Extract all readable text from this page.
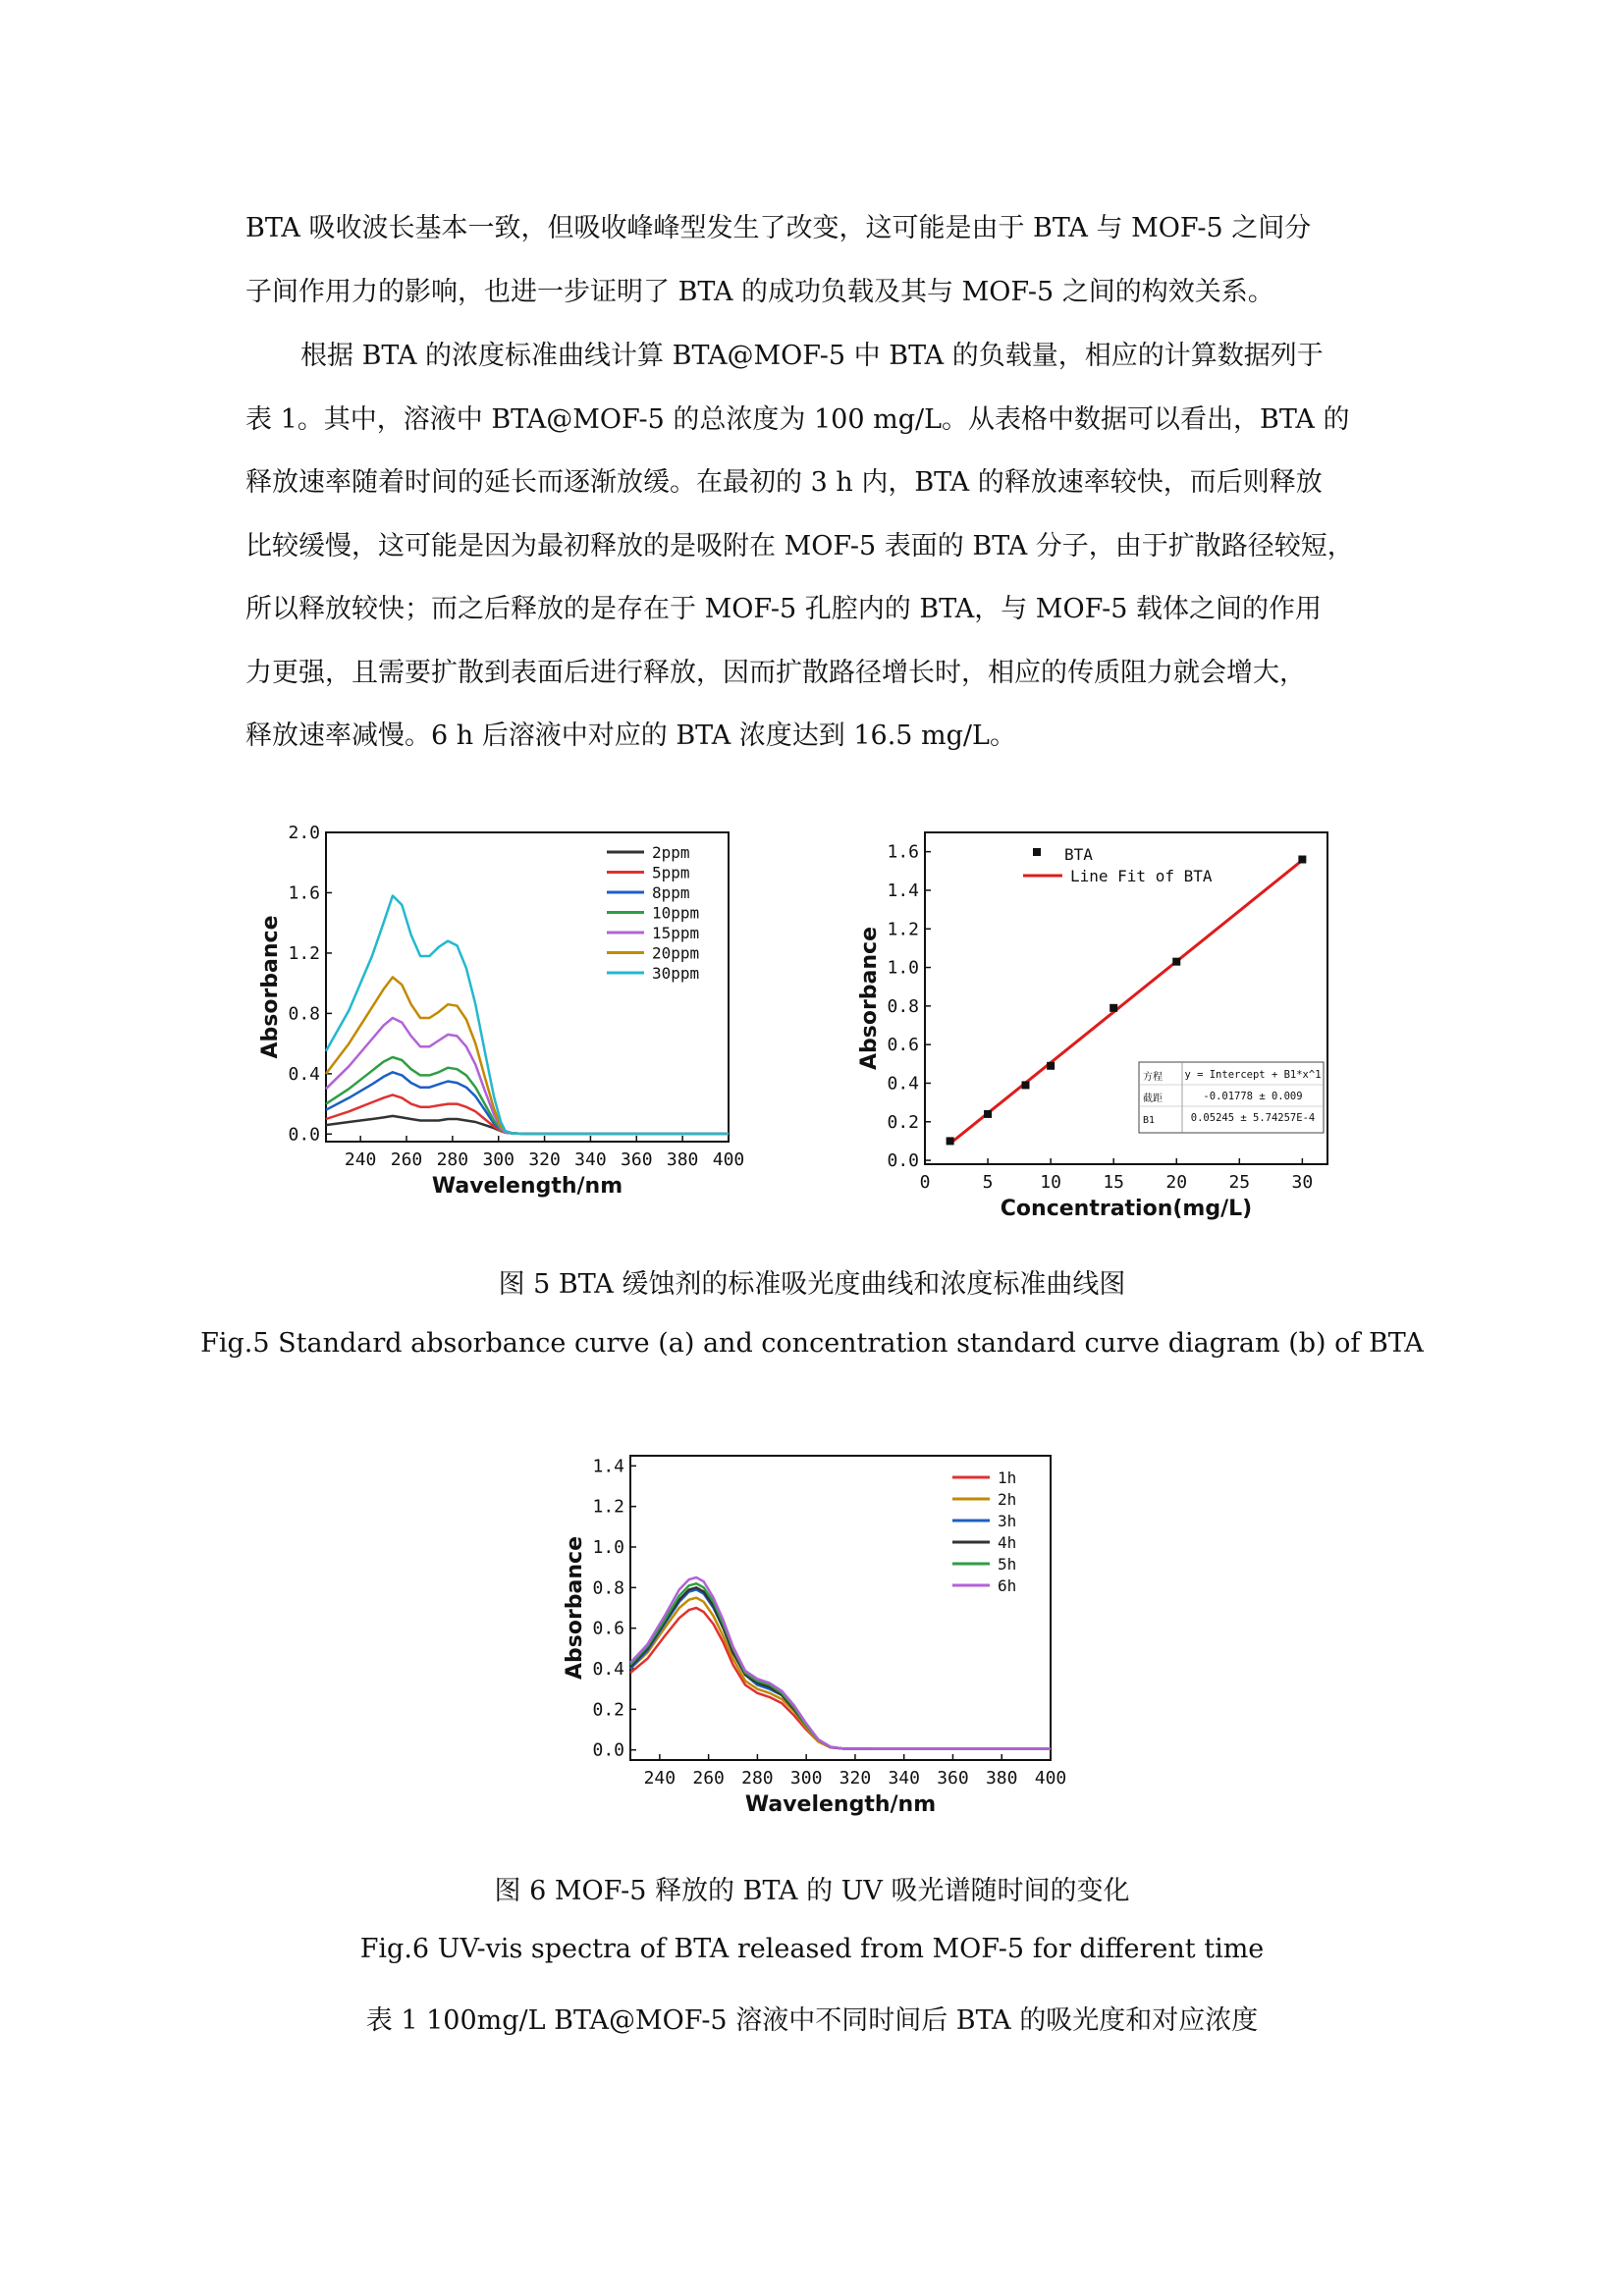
BTA 吸收波长基本一致，但吸收峰峰型发生了改变，这可能是由于 BTA 与 MOF-5 之间分
子间作用力的影响，也进一步证明了 BTA 的成功负载及其与 MOF-5 之间的构效关系。
根据 BTA 的浓度标准曲线计算 BTA@MOF-5 中 BTA 的负载量，相应的计算数据列于
表 1。其中，溶液中 BTA@MOF-5 的总浓度为 100 mg/L。从表格中数据可以看出，BTA 的
释放速率随着时间的延长而逐渐放缓。在最初的 3 h 内，BTA 的释放速率较快，而后则释放
比较缓慢，这可能是因为最初释放的是吸附在 MOF-5 表面的 BTA 分子，由于扩散路径较短，
所以释放较快；而之后释放的是存在于 MOF-5 孔腔内的 BTA，与 MOF-5 载体之间的作用
力更强，且需要扩散到表面后进行释放，因而扩散路径增长时，相应的传质阻力就会增大，
释放速率减慢。6 h 后溶液中对应的 BTA 浓度达到 16.5 mg/L。
240 260 280 300 320 340 360 380 400
0.0
0.4
0.8
1.2
1.6
2.0
Wavelength/nm
Absorbance
2ppm
5ppm
8ppm
10ppm
15ppm
20ppm
30ppm
0	5	10 15 20 25 30
0.0
0.2
0.4
0.6
0.8
1.0
1.2
1.4
1.6
Concentration(mg/L)
Absorbance
BTA
Line Fit of BTA
方程 y = Intercept + B1*x^1
截距	-0.01778 ± 0.009
B1	0.05245 ± 5.74257E-4
图 5 BTA 缓蚀剂的标准吸光度曲线和浓度标准曲线图
Fig.5 Standard absorbance curve (a) and concentration standard curve diagram (b) of BTA
240 260 280 300 320 340 360 380 400
0.0
0.2
0.4
0.6
0.8
1.0
1.2
1.4
Wavelength/nm
Absorbance
1h
2h
3h
4h
5h
6h
图 6 MOF-5 释放的 BTA 的 UV 吸光谱随时间的变化
Fig.6 UV-vis spectra of BTA released from MOF-5 for different time
表 1 100mg/L BTA@MOF-5 溶液中不同时间后 BTA 的吸光度和对应浓度
